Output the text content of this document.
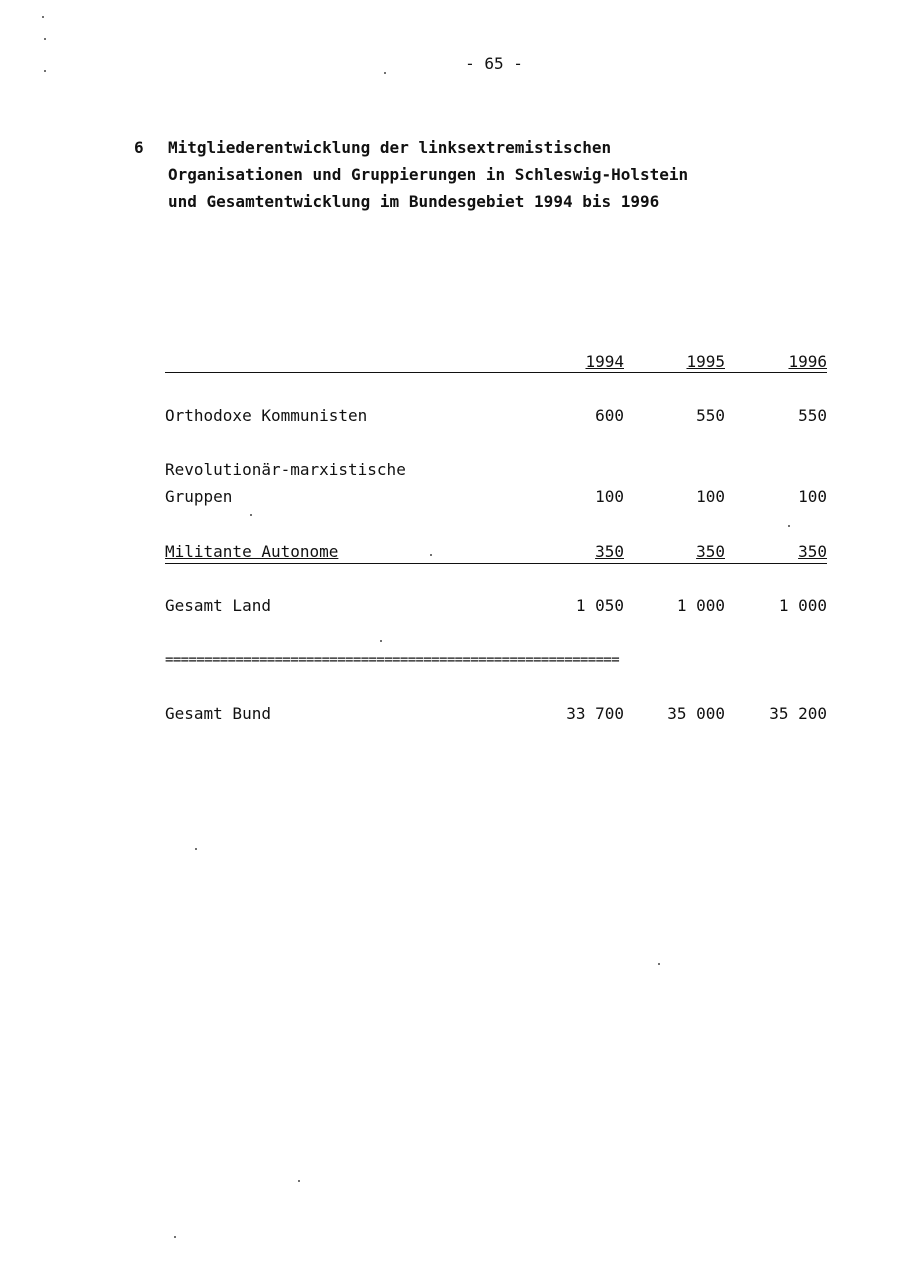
- 65 -
6 Mitgliederentwicklung der linksextremistischen
Organisationen und Gruppierungen in Schleswig-Holstein
und Gesamtentwicklung im Bundesgebiet 1994 bis 1996
1994	1995	1996
Orthodoxe Kommunisten	600	550	550
Revolutionär-marxistische
Gruppen	100	100	100
Militante Autonome	350	350	350
Gesamt Land	1 050	1 000	1 000
Gesamt Bund	33 700	35 000	35 200
==========================================================
